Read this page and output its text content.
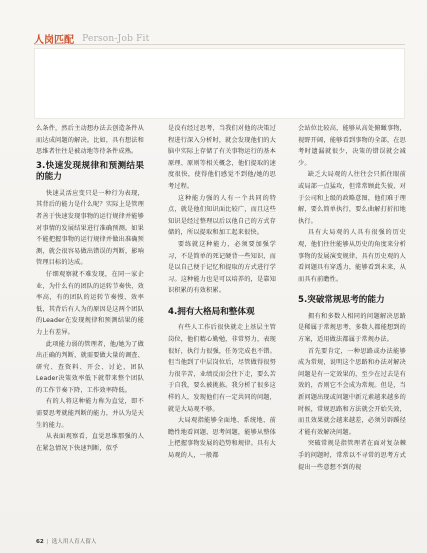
人岗匹配 Person-Job Fit

么条件，然后主动想办法去创造条件从而达成问题的解决。比如，具有想法和思维者往往是被动地等待条件成熟。

3.快速发现规律和预测结果的能力

快速灵活应变只是一种行为表现，其背后的能力是什么呢？实际上是管理者善于快速发现事物的运行规律并能够对事情的发展结果进行准确预测。如果不能把握事物的运行规律并做出准确预测，就会很容易做出错误的判断，影响管理目标的达成。

仔细观察就不难发现，在同一家企业，为什么有的团队的运转节奏快、效率高，有的团队的运转节奏慢、效率低，其背后有人为的原因是这两个团队的Leader在发现规律和预测结果的能力上有差异。

此项能力弱的管理者，他/她为了做出正确的判断，就需要做大量的调查、研究、查资料、开会、讨论，团队Leader决策效率低下就带来整个团队的工作节奏下降，工作效率降低。

有的人将这种能力称为直觉，即不需要思考就能判断的能力，并认为是天生的能力。

从表面观察看，直觉思维那强的人在紧急情况下快速判断，似乎

是没有经过思考，当我们对他的决策过程进行深入分析时，就会发现他们的大脑中实际上存储了有关事物运行的基本原理、原则等相关概念，他们提取的速度很快，使得他们感觉不到他/她的思考过程。

这种能力强的人有一个共同的特点，就是他们知识面比较广，而且这些知识是经过整理以后以他自己的方式存储的，所以提取和加工起来很快。

要练就这种能力，必须要加强学习，不是简单的死记硬背一些知识，而是以自己便于记忆和提取的方式进行学习。这种能力也是可以培养的，是靠知识积累的有效积累。

4.拥有大格局和整体观

有些人工作后很快就走上基层主管岗位，他们精心勤勉，非常努力，表现很好，执行力很强，任务完成也不错。但当他到了中层岗位后，尽管做得很努力很辛苦，业绩反而会往下走，要么苦于自我，要么被挑拣。我分析了很多这样的人，发现他们有一定共同的问题，就是大局观不够。

大局观指能够全面地、系统地、前瞻性地看问题、思考问题，能够从整体上把握事物发展的趋势和规律。具有大局观的人，一般都

会站位比较高，能够从高处俯瞰事物，视野开阔，能够看到事物的全部，在思考时遗漏就很少，决策的错误就会减少。

缺乏大局观的人往往会只抓住眼前或局部一点猛攻，但常常顾此失彼，对于公司和上级的政略意图，他们难于理解，要么简单执行，要么曲解打折扣地执行。

具有大局观的人具有很强的历史观，他们往往能够从历史的角度来分析事物的发展演变规律，具有历史观的人看问题具有穿透力，能够看到未来，从而具有前瞻性。

5.突破常规思考的能力

拥有和多数人相同的问题解决思路是稀属于常规思考，多数人都能想到的方案，适用做法都属于常规办法。

首先要肯定，一种思路或办法能够成为常规，说明这个思路和办法对解决问题是有一定效果的，至少在过去是有效的，否则它不会成为常规。但是，当新问题出现或问题中新元素越来越多的时候，常规思路和方法就会开始失效，而且效果就会越来越差，必须另辟蹊径才能有效解决问题。

突破常规是指管理者在面对复杂棘手的问题时，常常以不寻常的思考方式提出一些意想不到的视

62 | 选人用人育人留人
